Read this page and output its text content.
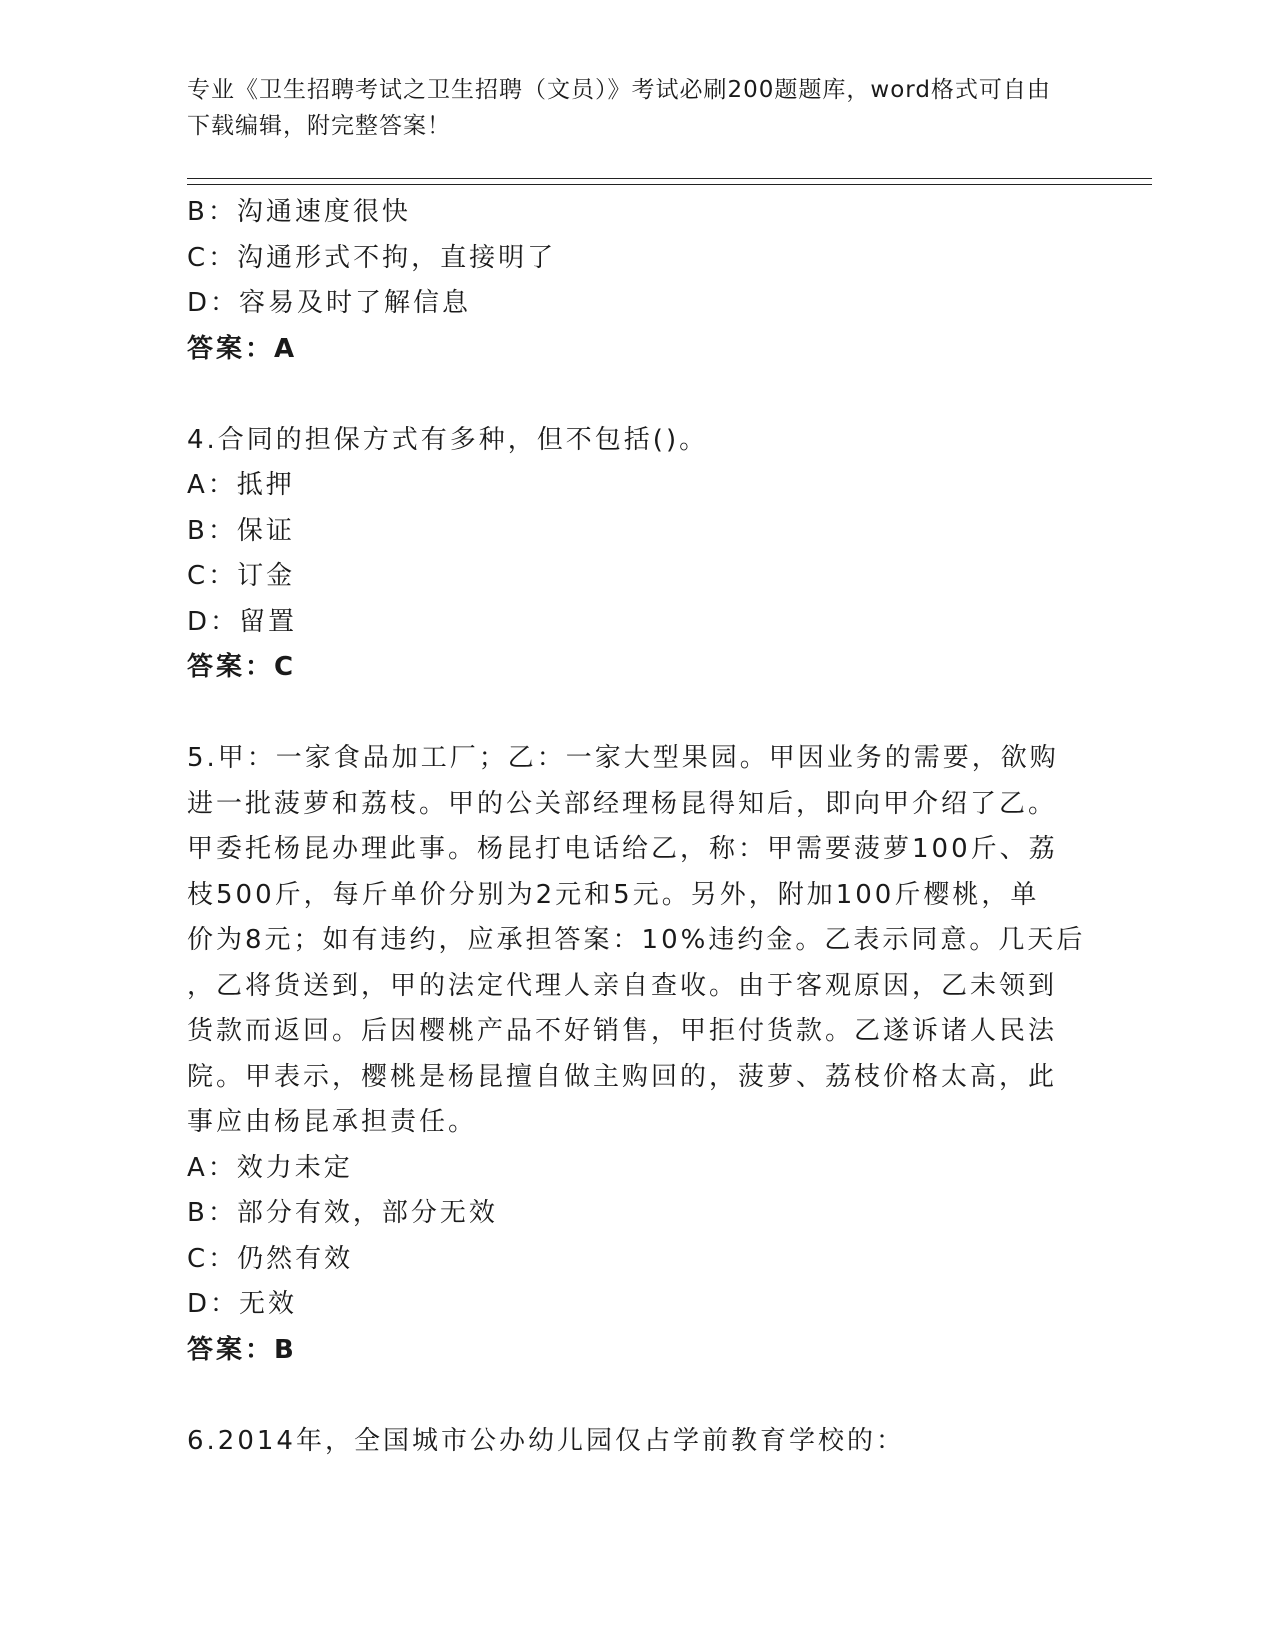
专业《卫生招聘考试之卫生招聘（文员）》考试必刷200题题库，word格式可自由下载编辑，附完整答案！
B：沟通速度很快
C：沟通形式不拘，直接明了
D：容易及时了解信息
答案：A
4.合同的担保方式有多种，但不包括()。
A：抵押
B：保证
C：订金
D：留置
答案：C
5.甲：一家食品加工厂；乙：一家大型果园。甲因业务的需要，欲购
进一批菠萝和荔枝。甲的公关部经理杨昆得知后，即向甲介绍了乙。
甲委托杨昆办理此事。杨昆打电话给乙，称：甲需要菠萝100斤、荔
枝500斤，每斤单价分别为2元和5元。另外，附加100斤樱桃，单
价为8元；如有违约，应承担答案：10%违约金。乙表示同意。几天后
，乙将货送到，甲的法定代理人亲自查收。由于客观原因，乙未领到
货款而返回。后因樱桃产品不好销售，甲拒付货款。乙遂诉诸人民法
院。甲表示，樱桃是杨昆擅自做主购回的，菠萝、荔枝价格太高，此
事应由杨昆承担责任。
A：效力未定
B：部分有效，部分无效
C：仍然有效
D：无效
答案：B
6.2014年，全国城市公办幼儿园仅占学前教育学校的：
